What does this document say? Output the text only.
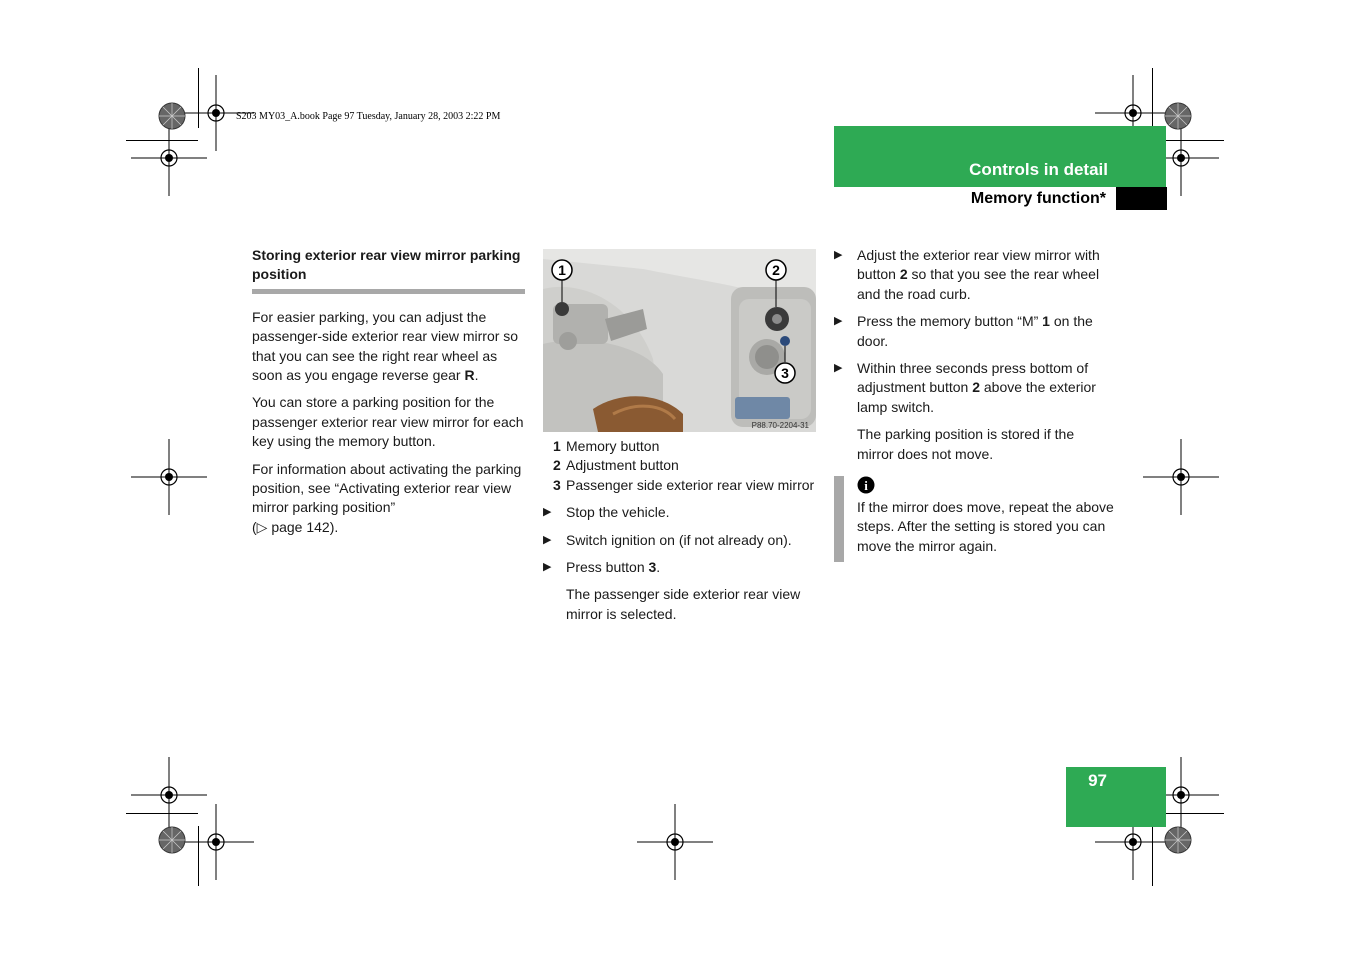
S203 MY03_A.book Page 97 Tuesday, January 28, 2003 2:22 PM
Controls in detail
Memory function*
Storing exterior rear view mirror parking position

For easier parking, you can adjust the passenger-side exterior rear view mirror so that you can see the right rear wheel as soon as you engage reverse gear R.

You can store a parking position for the passenger exterior rear view mirror for each key using the memory button.

For information about activating the parking position, see “Activating exterior rear view mirror parking position”
(▷ page 142).

1	2
3
P88.70-2204-31
1 Memory button
2 Adjustment button
3 Passenger side exterior rear view mirror
▶ Stop the vehicle.
▶ Switch ignition on (if not already on).
▶ Press button 3.
The passenger side exterior rear view mirror is selected.
▶ Adjust the exterior rear view mirror with button 2 so that you see the rear wheel and the road curb.
▶ Press the memory button “M” 1 on the door.
▶ Within three seconds press bottom of adjustment button 2 above the exterior lamp switch.
The parking position is stored if the mirror does not move.
i
If the mirror does move, repeat the above steps. After the setting is stored you can move the mirror again.
97
